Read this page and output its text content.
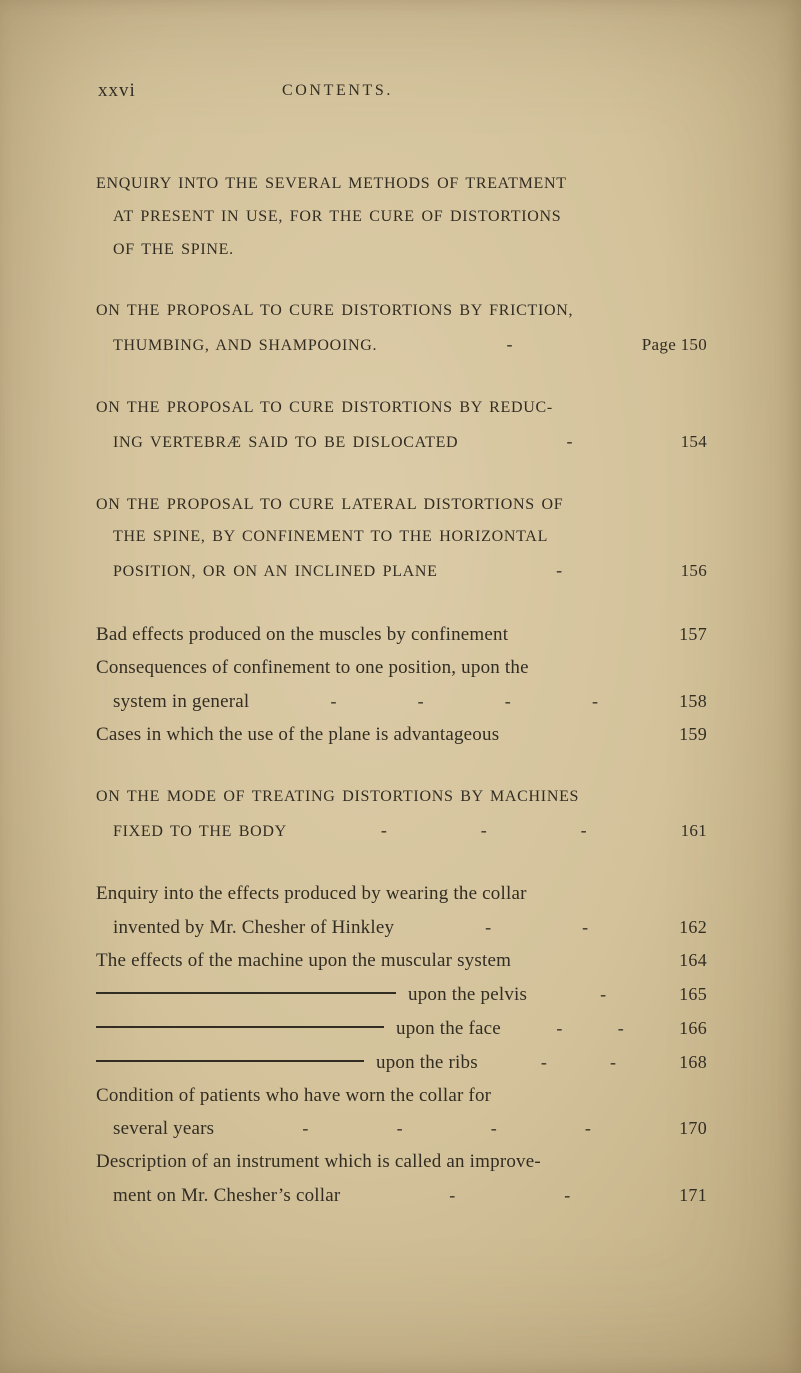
xxvi	CONTENTS.
ENQUIRY INTO THE SEVERAL METHODS OF TREATMENT
AT PRESENT IN USE, FOR THE CURE OF DISTORTIONS
OF THE SPINE.
ON THE PROPOSAL TO CURE DISTORTIONS BY FRICTION,
THUMBING, AND SHAMPOOING.	-	Page 150
ON THE PROPOSAL TO CURE DISTORTIONS BY REDUC-
ING VERTEBRÆ SAID TO BE DISLOCATED	-	154
ON THE PROPOSAL TO CURE LATERAL DISTORTIONS OF
THE SPINE, BY CONFINEMENT TO THE HORIZONTAL
POSITION, OR ON AN INCLINED PLANE	-	156
Bad effects produced on the muscles by confinement	157
Consequences of confinement to one position, upon the
system in general	-	-	-	-	158
Cases in which the use of the plane is advantageous	159
ON THE MODE OF TREATING DISTORTIONS BY MACHINES
FIXED TO THE BODY	-	-	-	161
Enquiry into the effects produced by wearing the collar
invented by Mr. Chesher of Hinkley	-	-	162
The effects of the machine upon the muscular system	164
upon the pelvis	-	165
upon the face	-	-	166
upon the ribs	-	-	168
Condition of patients who have worn the collar for
several years	-	-	-	-	170
Description of an instrument which is called an improve-
ment on Mr. Chesher’s collar	-	-	171
